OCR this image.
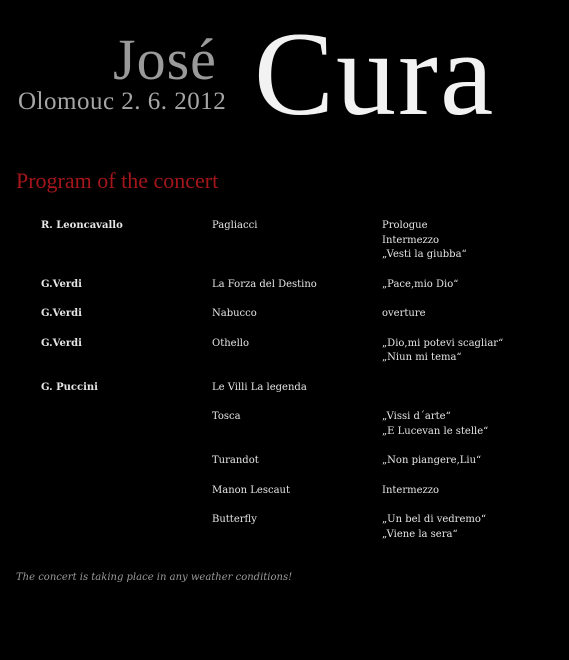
José
Olomouc 2. 6. 2012 Cura
Program of the concert
R. Leoncavallo	Pagliacci	Prologue
Intermezzo
„Vesti la giubba“
G.Verdi	La Forza del Destino	„Pace,mio Dio“
G.Verdi	Nabucco	overture
G.Verdi	Othello	„Dio,mi potevi scagliar“
„Niun mi tema“
G. Puccini	Le Villi La legenda
Tosca	„Vissi d´arte“
„E Lucevan le stelle“
Turandot	„Non piangere,Liu“
Manon Lescaut	Intermezzo
Butterfly	„Un bel di vedremo“
„Viene la sera“
The concert is taking place in any weather conditions!
